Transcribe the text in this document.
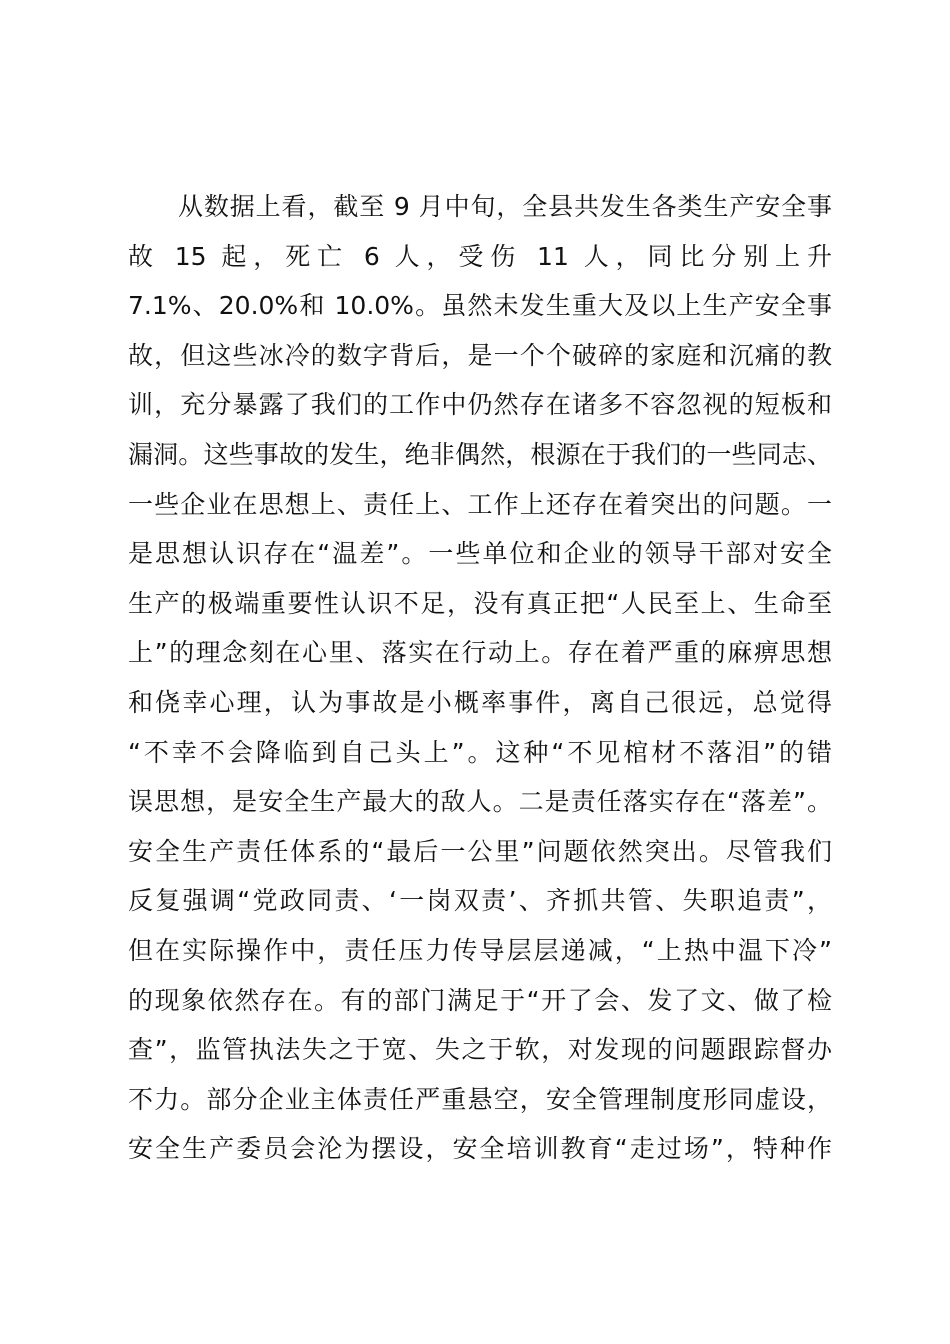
从数据上看，截至 9 月中旬，全县共发生各类生产安全事
故 15 起，死亡 6 人，受伤 11 人，同比分别上升
7.1%、20.0%和 10.0%。虽然未发生重大及以上生产安全事
故，但这些冰冷的数字背后，是一个个破碎的家庭和沉痛的教
训，充分暴露了我们的工作中仍然存在诸多不容忽视的短板和
漏洞。这些事故的发生，绝非偶然，根源在于我们的一些同志、
一些企业在思想上、责任上、工作上还存在着突出的问题。一
是思想认识存在“温差”。一些单位和企业的领导干部对安全
生产的极端重要性认识不足，没有真正把“人民至上、生命至
上”的理念刻在心里、落实在行动上。存在着严重的麻痹思想
和侥幸心理，认为事故是小概率事件，离自己很远，总觉得
“不幸不会降临到自己头上”。这种“不见棺材不落泪”的错
误思想，是安全生产最大的敌人。二是责任落实存在“落差”。
安全生产责任体系的“最后一公里”问题依然突出。尽管我们
反复强调“党政同责、‘一岗双责’、齐抓共管、失职追责”，
但在实际操作中，责任压力传导层层递减，“上热中温下冷”
的现象依然存在。有的部门满足于“开了会、发了文、做了检
查”，监管执法失之于宽、失之于软，对发现的问题跟踪督办
不力。部分企业主体责任严重悬空，安全管理制度形同虚设，
安全生产委员会沦为摆设，安全培训教育“走过场”，特种作
